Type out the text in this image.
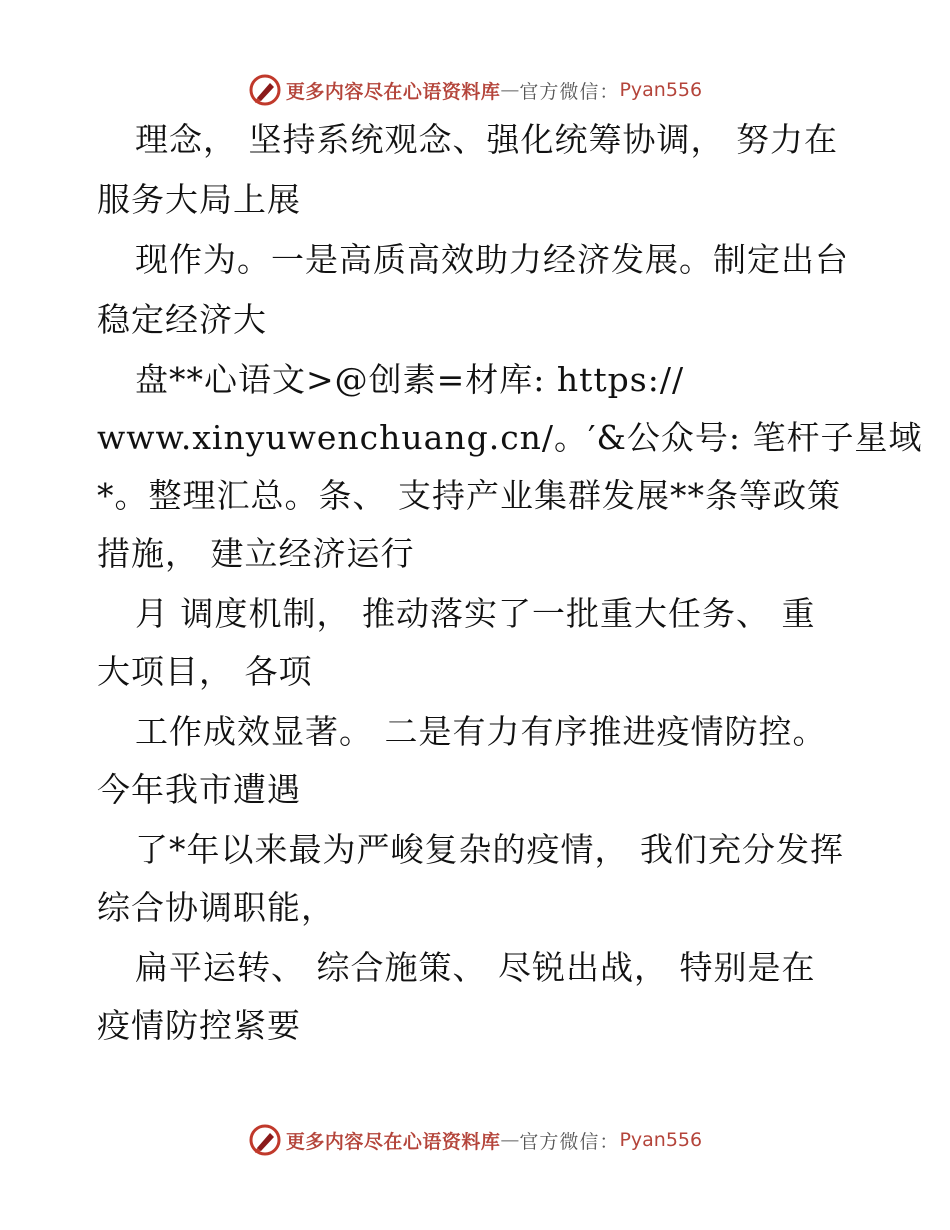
更多内容尽在心语资料库 — 官方微信 ： Pyan556
理念， 坚持系统观念、强化统筹协调， 努力在
服务大局上展
现作为。一是高质高效助力经济发展。制定出台
稳定经济大
盘**心语文>@创素=材库: https://
www.xinyuwenchuang.cn/。′&公众号: 笔杆子星域
*。整理汇总。条、 支持产业集群发展**条等政策
措施， 建立经济运行
月 调度机制， 推动落实了一批重大任务、 重
大项目， 各项
工作成效显著。 二是有力有序推进疫情防控。
今年我市遭遇
了*年以来最为严峻复杂的疫情， 我们充分发挥
综合协调职能，
扁平运转、 综合施策、 尽锐出战， 特别是在
疫情防控紧要
更多内容尽在心语资料库 — 官方微信 ： Pyan556
